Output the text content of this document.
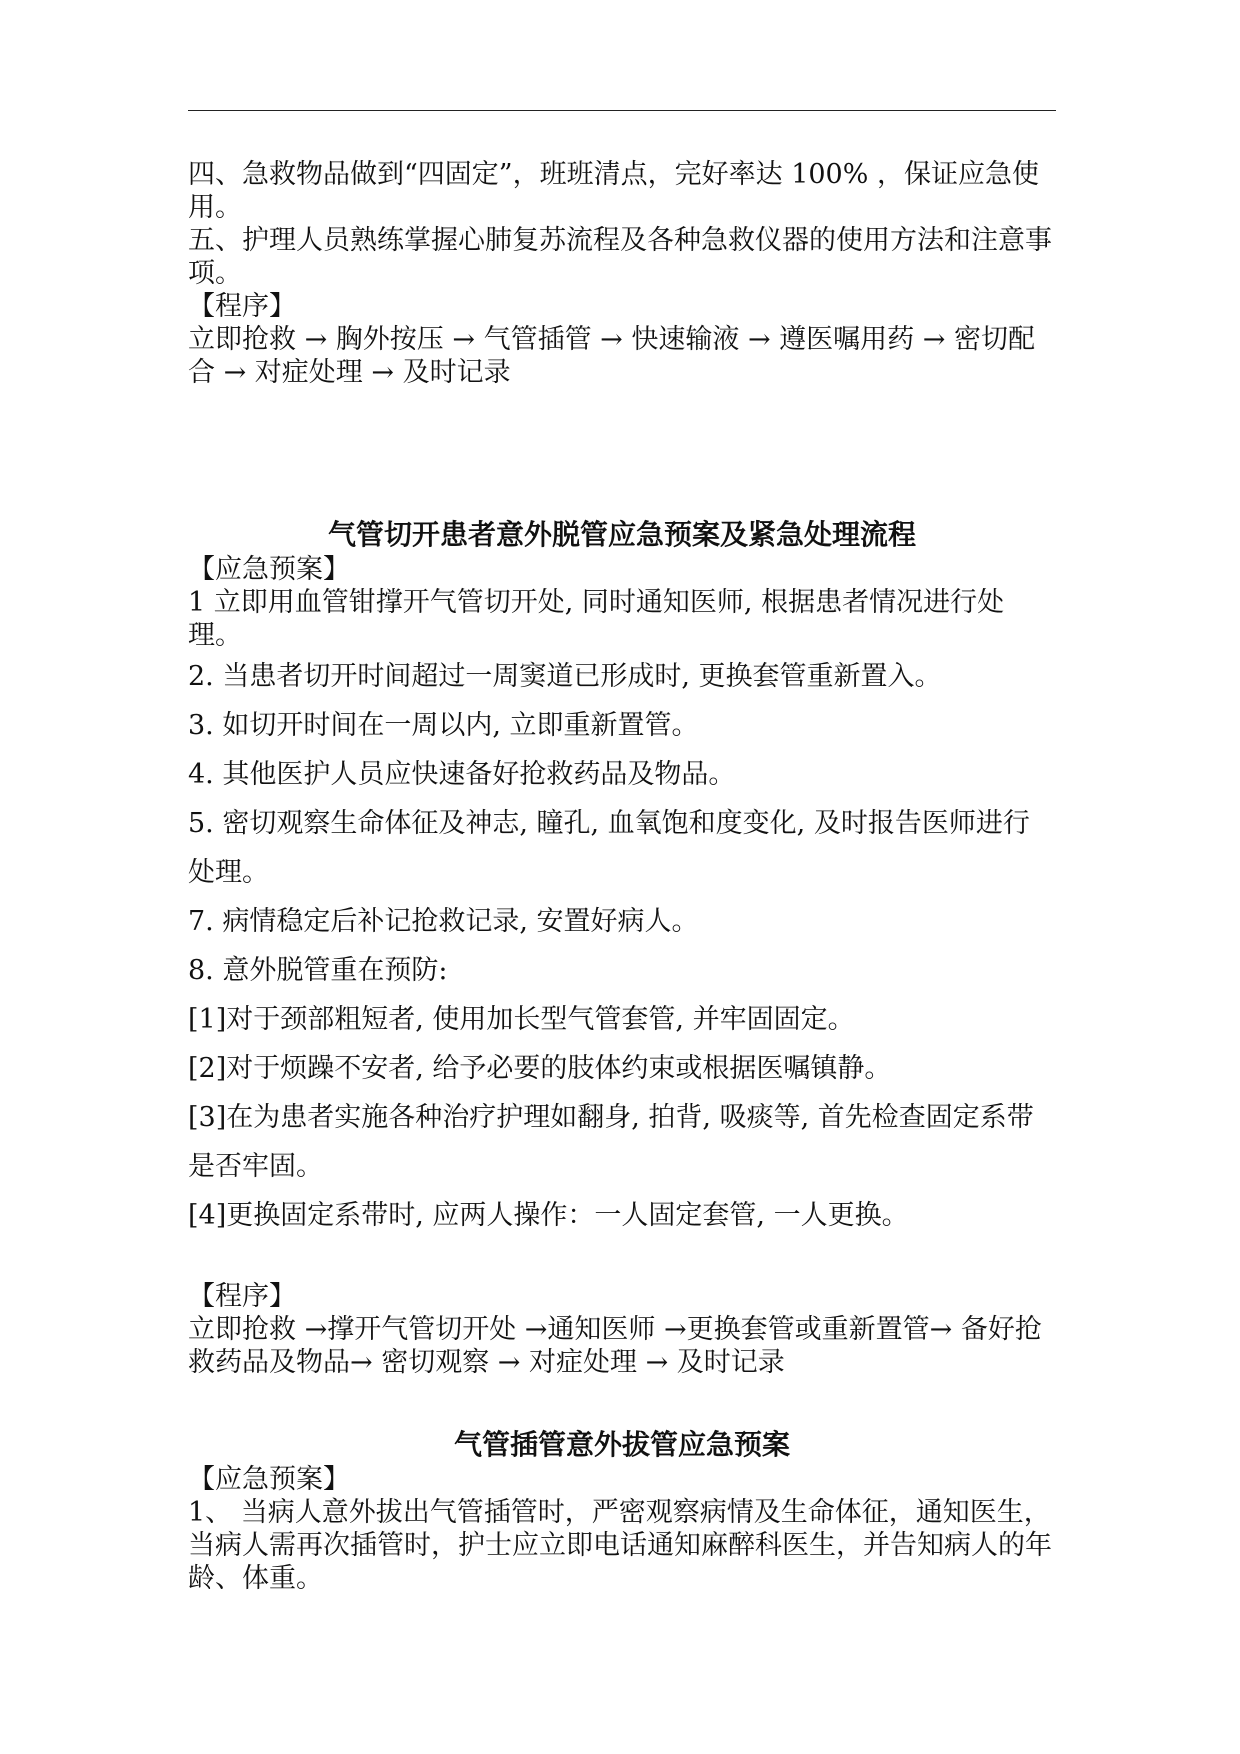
四、急救物品做到“四固定”，班班清点，完好率达 100% ，保证应急使用。

五、护理人员熟练掌握心肺复苏流程及各种急救仪器的使用方法和注意事项。

【程序】

立即抢救 → 胸外按压 → 气管插管 → 快速输液 → 遵医嘱用药 → 密切配合 → 对症处理 → 及时记录

气管切开患者意外脱管应急预案及紧急处理流程

【应急预案】

1 立即用血管钳撑开气管切开处, 同时通知医师, 根据患者情况进行处理。

2. 当患者切开时间超过一周窦道已形成时, 更换套管重新置入。

3. 如切开时间在一周以内, 立即重新置管。

4. 其他医护人员应快速备好抢救药品及物品。

5. 密切观察生命体征及神志, 瞳孔, 血氧饱和度变化, 及时报告医师进行处理。

7. 病情稳定后补记抢救记录, 安置好病人。

8. 意外脱管重在预防:

[1]对于颈部粗短者, 使用加长型气管套管, 并牢固固定。

[2]对于烦躁不安者, 给予必要的肢体约束或根据医嘱镇静。

[3]在为患者实施各种治疗护理如翻身, 拍背, 吸痰等, 首先检查固定系带是否牢固。

[4]更换固定系带时, 应两人操作：一人固定套管, 一人更换。

【程序】

立即抢救 →撑开气管切开处 →通知医师 →更换套管或重新置管→ 备好抢救药品及物品→ 密切观察 → 对症处理 → 及时记录

气管插管意外拔管应急预案

【应急预案】

1、 当病人意外拔出气管插管时，严密观察病情及生命体征，通知医生，当病人需再次插管时，护士应立即电话通知麻醉科医生，并告知病人的年龄、体重。
